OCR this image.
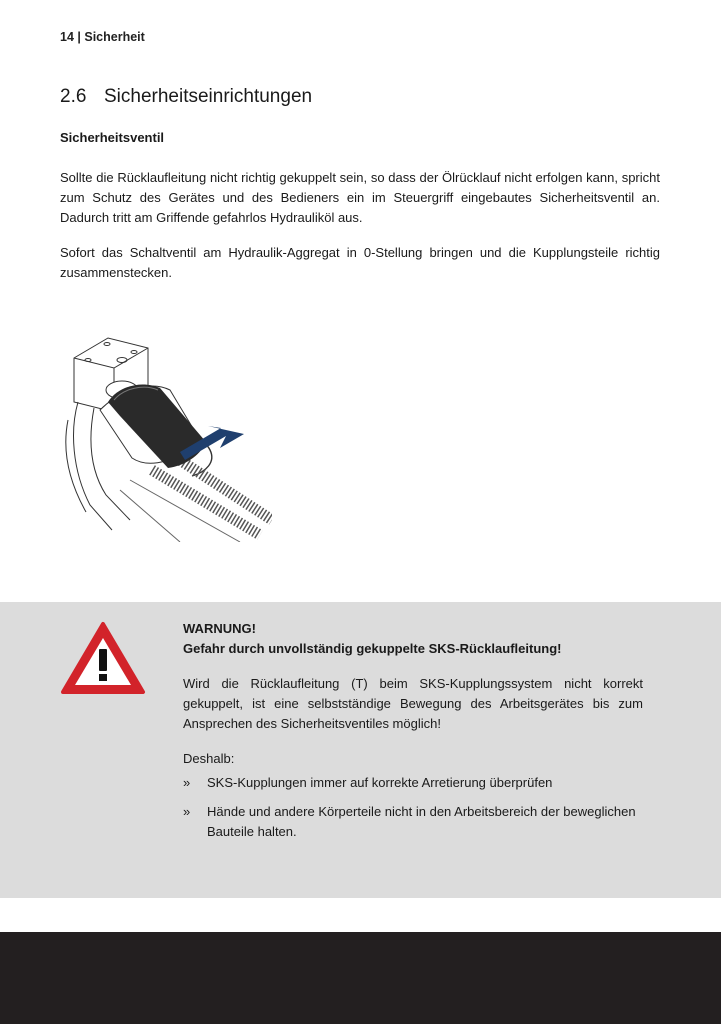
14 | Sicherheit
2.6 Sicherheitseinrichtungen
Sicherheitsventil

Sollte die Rücklaufleitung nicht richtig gekuppelt sein, so dass der Ölrücklauf nicht erfolgen kann, spricht zum Schutz des Gerätes und des Bedieners ein im Steuergriff eingebautes Sicherheitsventil an. Dadurch tritt am Griffende gefahrlos Hydrauliköl aus.

Sofort das Schaltventil am Hydraulik-Aggregat in 0-Stellung bringen und die Kupplungsteile richtig zusammenstecken.

WARNUNG!
Gefahr durch unvollständig gekuppelte SKS-Rücklaufleitung!

Wird die Rücklaufleitung (T) beim SKS-Kupplungssystem nicht korrekt gekuppelt, ist eine selbstständige Bewegung des Arbeitsgerätes bis zum Ansprechen des Sicherheitsventiles möglich!

Deshalb:
» SKS-Kupplungen immer auf korrekte Arretierung überprüfen
» Hände und andere Körperteile nicht in den Arbeitsbereich der beweglichen Bauteile halten.
